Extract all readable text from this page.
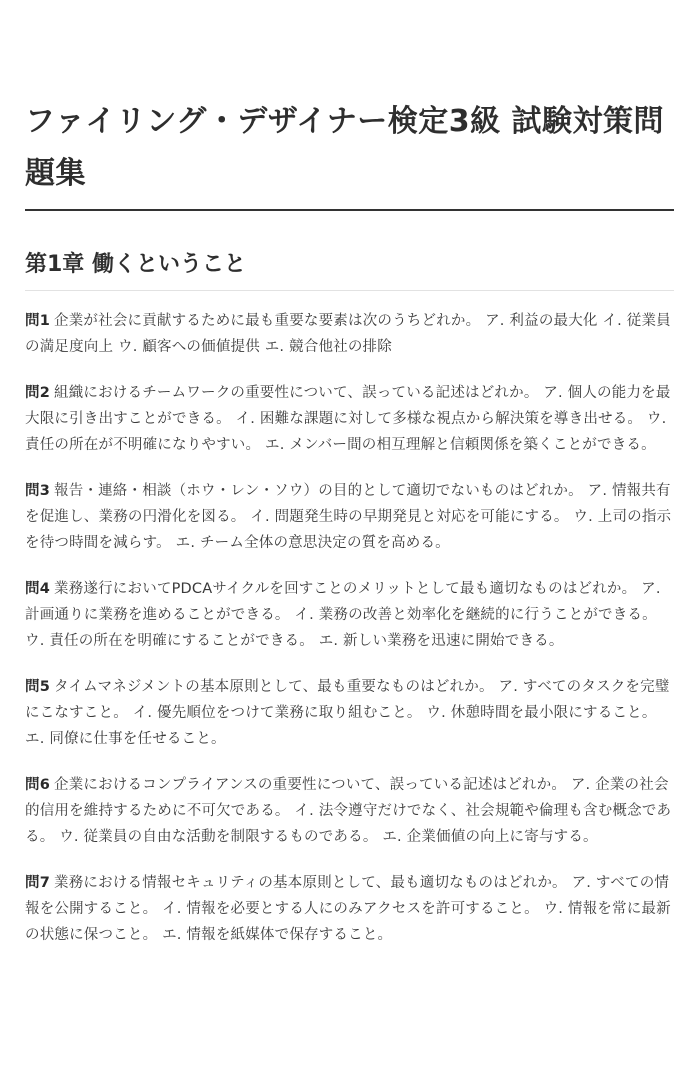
ファイリング・デザイナー検定3級 試験対策問題集
第1章 働くということ

問1 企業が社会に貢献するために最も重要な要素は次のうちどれか。 ア. 利益の最大化 イ. 従業員の満足度向上 ウ. 顧客への価値提供 エ. 競合他社の排除

問2 組織におけるチームワークの重要性について、誤っている記述はどれか。 ア. 個人の能力を最大限に引き出すことができる。 イ. 困難な課題に対して多様な視点から解決策を導き出せる。 ウ. 責任の所在が不明確になりやすい。 エ. メンバー間の相互理解と信頼関係を築くことができる。

問3 報告・連絡・相談（ホウ・レン・ソウ）の目的として適切でないものはどれか。 ア. 情報共有を促進し、業務の円滑化を図る。 イ. 問題発生時の早期発見と対応を可能にする。 ウ. 上司の指示を待つ時間を減らす。 エ. チーム全体の意思決定の質を高める。

問4 業務遂行においてPDCAサイクルを回すことのメリットとして最も適切なものはどれか。 ア. 計画通りに業務を進めることができる。 イ. 業務の改善と効率化を継続的に行うことができる。 ウ. 責任の所在を明確にすることができる。 エ. 新しい業務を迅速に開始できる。

問5 タイムマネジメントの基本原則として、最も重要なものはどれか。 ア. すべてのタスクを完璧にこなすこと。 イ. 優先順位をつけて業務に取り組むこと。 ウ. 休憩時間を最小限にすること。 エ. 同僚に仕事を任せること。

問6 企業におけるコンプライアンスの重要性について、誤っている記述はどれか。 ア. 企業の社会的信用を維持するために不可欠である。 イ. 法令遵守だけでなく、社会規範や倫理も含む概念である。 ウ. 従業員の自由な活動を制限するものである。 エ. 企業価値の向上に寄与する。

問7 業務における情報セキュリティの基本原則として、最も適切なものはどれか。 ア. すべての情報を公開すること。 イ. 情報を必要とする人にのみアクセスを許可すること。 ウ. 情報を常に最新の状態に保つこと。 エ. 情報を紙媒体で保存すること。
